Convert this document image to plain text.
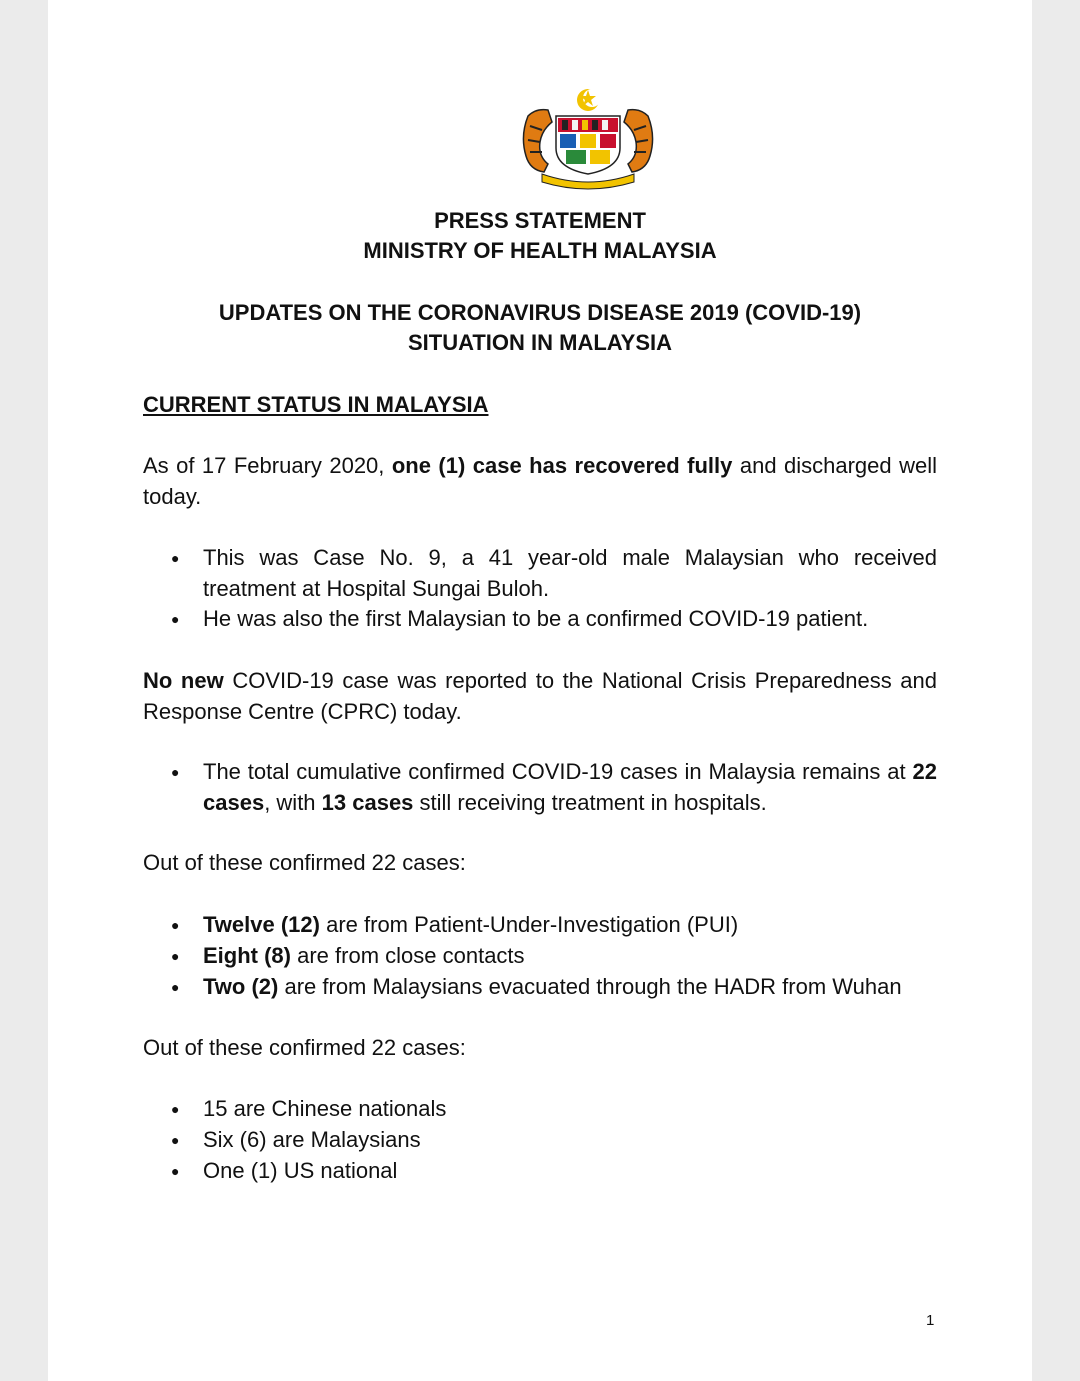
PRESS STATEMENT
MINISTRY OF HEALTH MALAYSIA
UPDATES ON THE CORONAVIRUS DISEASE 2019 (COVID-19)
SITUATION IN MALAYSIA
CURRENT STATUS IN MALAYSIA

As of 17 February 2020, one (1) case has recovered fully and discharged well today.

●	This was Case No. 9, a 41 year-old male Malaysian who received treatment at Hospital Sungai Buloh.
●	He was also the first Malaysian to be a confirmed COVID-19 patient.

No new COVID-19 case was reported to the National Crisis Preparedness and Response Centre (CPRC) today.

●	The total cumulative confirmed COVID-19 cases in Malaysia remains at 22 cases, with 13 cases still receiving treatment in hospitals.

Out of these confirmed 22 cases:

●	Twelve (12) are from Patient-Under-Investigation (PUI)
●	Eight (8) are from close contacts
●	Two (2) are from Malaysians evacuated through the HADR from Wuhan

Out of these confirmed 22 cases:

●	15 are Chinese nationals
●	Six (6) are Malaysians
●	One (1) US national
1
